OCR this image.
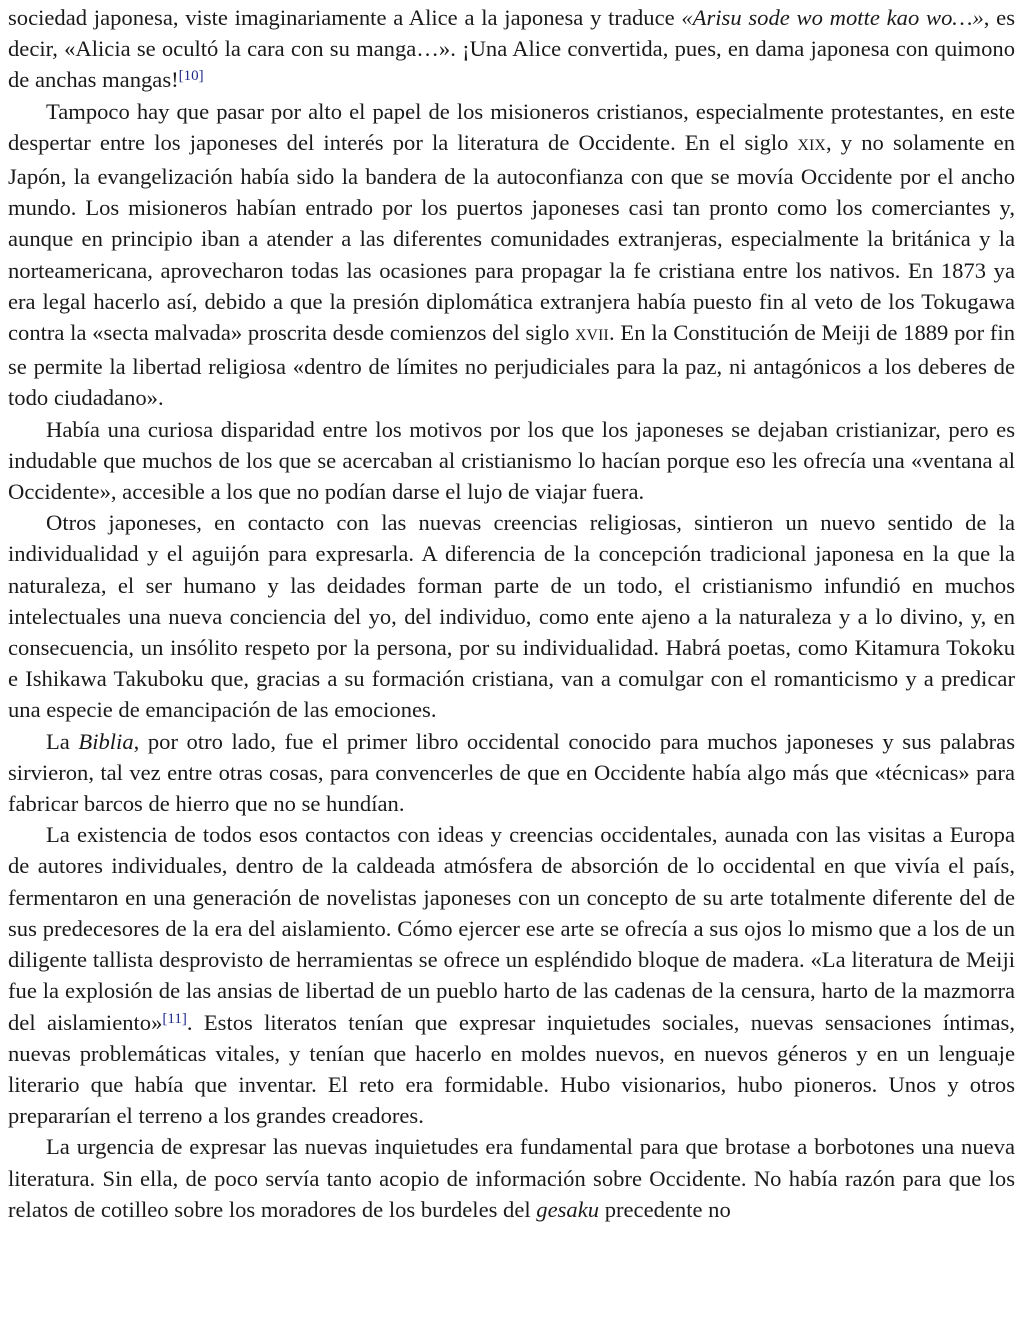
sociedad japonesa, viste imaginariamente a Alice a la japonesa y traduce «Arisu sode wo motte kao wo…», es decir, «Alicia se ocultó la cara con su manga…». ¡Una Alice convertida, pues, en dama japonesa con quimono de anchas mangas![10]

Tampoco hay que pasar por alto el papel de los misioneros cristianos, especialmente protestantes, en este despertar entre los japoneses del interés por la literatura de Occidente. En el siglo XIX, y no solamente en Japón, la evangelización había sido la bandera de la autoconfianza con que se movía Occidente por el ancho mundo. Los misioneros habían entrado por los puertos japoneses casi tan pronto como los comerciantes y, aunque en principio iban a atender a las diferentes comunidades extranjeras, especialmente la británica y la norteamericana, aprovecharon todas las ocasiones para propagar la fe cristiana entre los nativos. En 1873 ya era legal hacerlo así, debido a que la presión diplomática extranjera había puesto fin al veto de los Tokugawa contra la «secta malvada» proscrita desde comienzos del siglo XVII. En la Constitución de Meiji de 1889 por fin se permite la libertad religiosa «dentro de límites no perjudiciales para la paz, ni antagónicos a los deberes de todo ciudadano».

Había una curiosa disparidad entre los motivos por los que los japoneses se dejaban cristianizar, pero es indudable que muchos de los que se acercaban al cristianismo lo hacían porque eso les ofrecía una «ventana al Occidente», accesible a los que no podían darse el lujo de viajar fuera.

Otros japoneses, en contacto con las nuevas creencias religiosas, sintieron un nuevo sentido de la individualidad y el aguijón para expresarla. A diferencia de la concepción tradicional japonesa en la que la naturaleza, el ser humano y las deidades forman parte de un todo, el cristianismo infundió en muchos intelectuales una nueva conciencia del yo, del individuo, como ente ajeno a la naturaleza y a lo divino, y, en consecuencia, un insólito respeto por la persona, por su individualidad. Habrá poetas, como Kitamura Tokoku e Ishikawa Takuboku que, gracias a su formación cristiana, van a comulgar con el romanticismo y a predicar una especie de emancipación de las emociones.

La Biblia, por otro lado, fue el primer libro occidental conocido para muchos japoneses y sus palabras sirvieron, tal vez entre otras cosas, para convencerles de que en Occidente había algo más que «técnicas» para fabricar barcos de hierro que no se hundían.

La existencia de todos esos contactos con ideas y creencias occidentales, aunada con las visitas a Europa de autores individuales, dentro de la caldeada atmósfera de absorción de lo occidental en que vivía el país, fermentaron en una generación de novelistas japoneses con un concepto de su arte totalmente diferente del de sus predecesores de la era del aislamiento. Cómo ejercer ese arte se ofrecía a sus ojos lo mismo que a los de un diligente tallista desprovisto de herramientas se ofrece un espléndido bloque de madera. «La literatura de Meiji fue la explosión de las ansias de libertad de un pueblo harto de las cadenas de la censura, harto de la mazmorra del aislamiento»[11]. Estos literatos tenían que expresar inquietudes sociales, nuevas sensaciones íntimas, nuevas problemáticas vitales, y tenían que hacerlo en moldes nuevos, en nuevos géneros y en un lenguaje literario que había que inventar. El reto era formidable. Hubo visionarios, hubo pioneros. Unos y otros prepararían el terreno a los grandes creadores.

La urgencia de expresar las nuevas inquietudes era fundamental para que brotase a borbotones una nueva literatura. Sin ella, de poco servía tanto acopio de información sobre Occidente. No había razón para que los relatos de cotilleo sobre los moradores de los burdeles del gesaku precedente no
